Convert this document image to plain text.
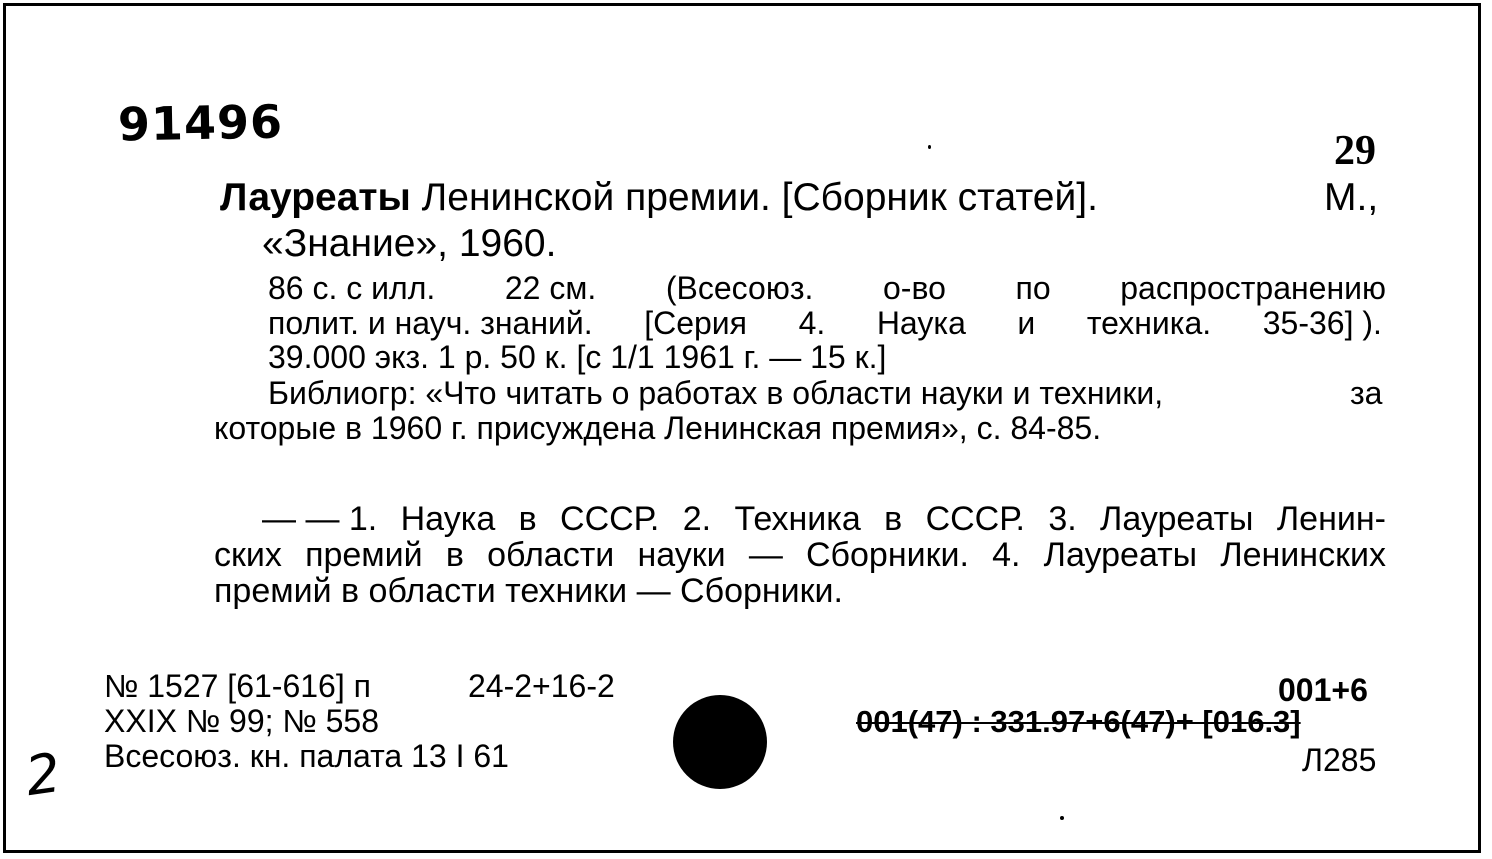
91496	29
Лауреаты Ленинской премии. [Сборник статей].	М.,
«Знание», 1960.
86 с. с илл. 22 см. (Всесоюз. о-во по распространению
полит. и науч. знаний. [Серия 4. Наука и техника. 35-36] ).
39.000 экз. 1 р. 50 к. [с 1/1 1961 г. — 15 к.]
Библиогр: «Что читать о работах в области науки и техники,	за
которые в 1960 г. присуждена Ленинская премия», с. 84-85.
— — 1. Наука в СССР. 2. Техника в СССР. 3. Лауреаты Ленин-
ских премий в области науки — Сборники. 4. Лауреаты Ленинских
премий в области техники — Сборники.
№ 1527 [61-616] п	24-2+16-2
XXIX № 99; № 558
Всесоюз. кн. палата 13 I 61
001+6
001(47) : 331.97+6(47)+ [016.3]
Л285
2
